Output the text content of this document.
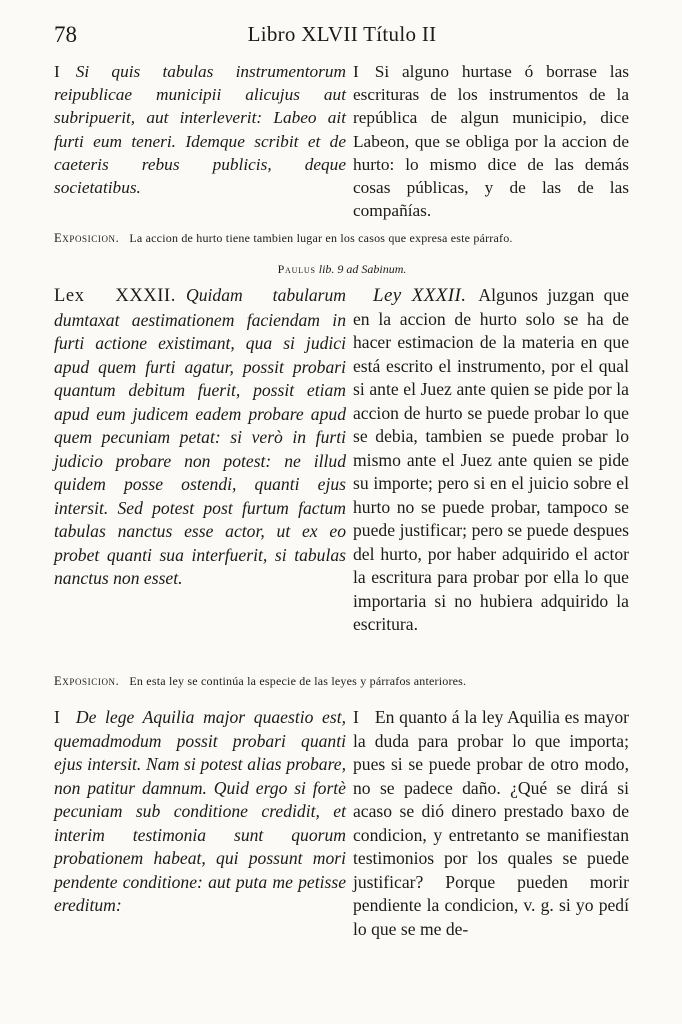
78	Libro XLVII Título II

I Si quis tabulas instrumentorum reipublicae municipii alicujus aut subripuerit, aut interleverit: Labeo ait furti eum teneri. Idemque scribit et de caeteris rebus publicis, deque societatibus.

I Si alguno hurtase ó borrase las escrituras de los instrumentos de la república de algun municipio, dice Labeon, que se obliga por la accion de hurto: lo mismo dice de las demás cosas públicas, y de las de las compañías.

Exposicion. La accion de hurto tiene tambien lugar en los casos que expresa este párrafo.
Paulus lib. 9 ad Sabinum.

Lex XXXII. Quidam tabularum dumtaxat aestimationem faciendam in furti actione existimant, qua si judici apud quem furti agatur, possit probari quantum debitum fuerit, possit etiam apud eum judicem eadem probare apud quem pecuniam petat: si verò in furti judicio probare non potest: ne illud quidem posse ostendi, quanti ejus intersit. Sed potest post furtum factum tabulas nanctus esse actor, ut ex eo probet quanti sua interfuerit, si tabulas nanctus non esset.

Ley XXXII. Algunos juzgan que en la accion de hurto solo se ha de hacer estimacion de la materia en que está escrito el instrumento, por el qual si ante el Juez ante quien se pide por la accion de hurto se puede probar lo que se debia, tambien se puede probar lo mismo ante el Juez ante quien se pide su importe; pero si en el juicio sobre el hurto no se puede probar, tampoco se puede justificar; pero se puede despues del hurto, por haber adquirido el actor la escritura para probar por ella lo que importaria si no hubiera adquirido la escritura.

Exposicion. En esta ley se continúa la especie de las leyes y párrafos anteriores.

I De lege Aquilia major quaestio est, quemadmodum possit probari quanti ejus intersit. Nam si potest alias probare, non patitur damnum. Quid ergo si fortè pecuniam sub conditione credidit, et interim testimonia sunt quorum probationem habeat, qui possunt mori pendente conditione: aut puta me petisse ereditum:

I En quanto á la ley Aquilia es mayor la duda para probar lo que importa; pues si se puede probar de otro modo, no se padece daño. ¿Qué se dirá si acaso se dió dinero prestado baxo de condicion, y entretanto se manifiestan testimonios por los quales se puede justificar? Porque pueden morir pendiente la condicion, v. g. si yo pedí lo que se me de-
